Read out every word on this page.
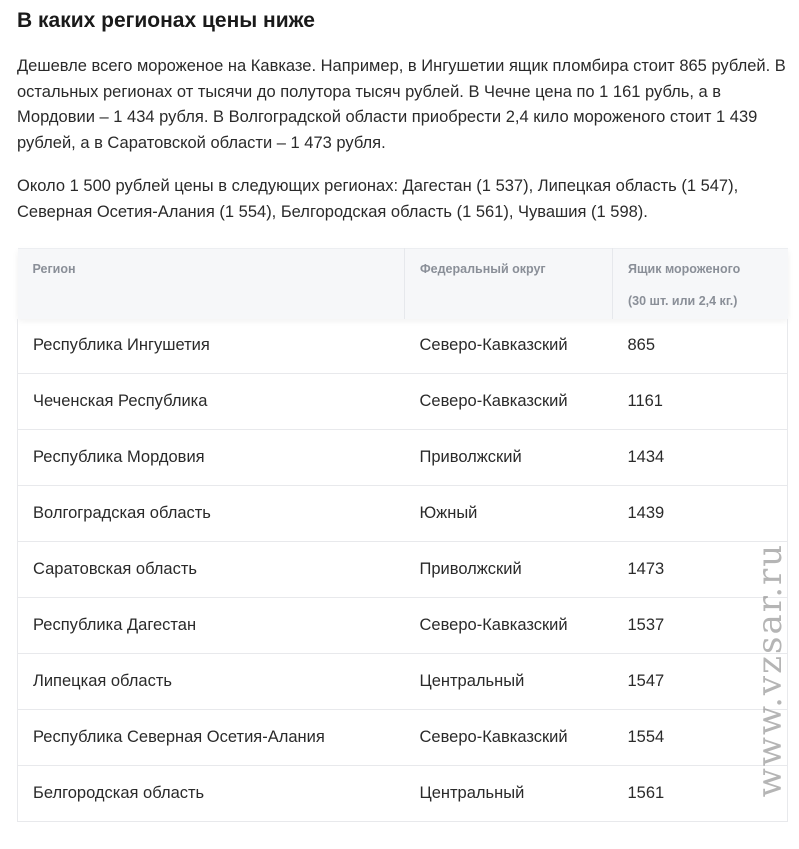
В каких регионах цены ниже

Дешевле всего мороженое на Кавказе. Например, в Ингушетии ящик пломбира стоит 865 рублей. В остальных регионах от тысячи до полутора тысяч рублей. В Чечне цена по 1 161 рубль, а в Мордовии – 1 434 рубля. В Волгоградской области приобрести 2,4 кило мороженого стоит 1 439 рублей, а в Саратовской области – 1 473 рубля.

Около 1 500 рублей цены в следующих регионах: Дагестан (1 537), Липецкая область (1 547), Северная Осетия-Алания (1 554), Белгородская область (1 561), Чувашия (1 598).

Регион	Федеральный округ	Ящик мороженого
(30 шт. или 2,4 кг.)

Республика Ингушетия	Северо-Кавказский	865
Чеченская Республика	Северо-Кавказский	1161
Республика Мордовия	Приволжский	1434
Волгоградская область	Южный	1439
Саратовская область	Приволжский	1473
Республика Дагестан	Северо-Кавказский	1537
Липецкая область	Центральный	1547
Республика Северная Осетия-Алания	Северо-Кавказский	1554
Белгородская область	Центральный	1561	www.vzsar.ru
